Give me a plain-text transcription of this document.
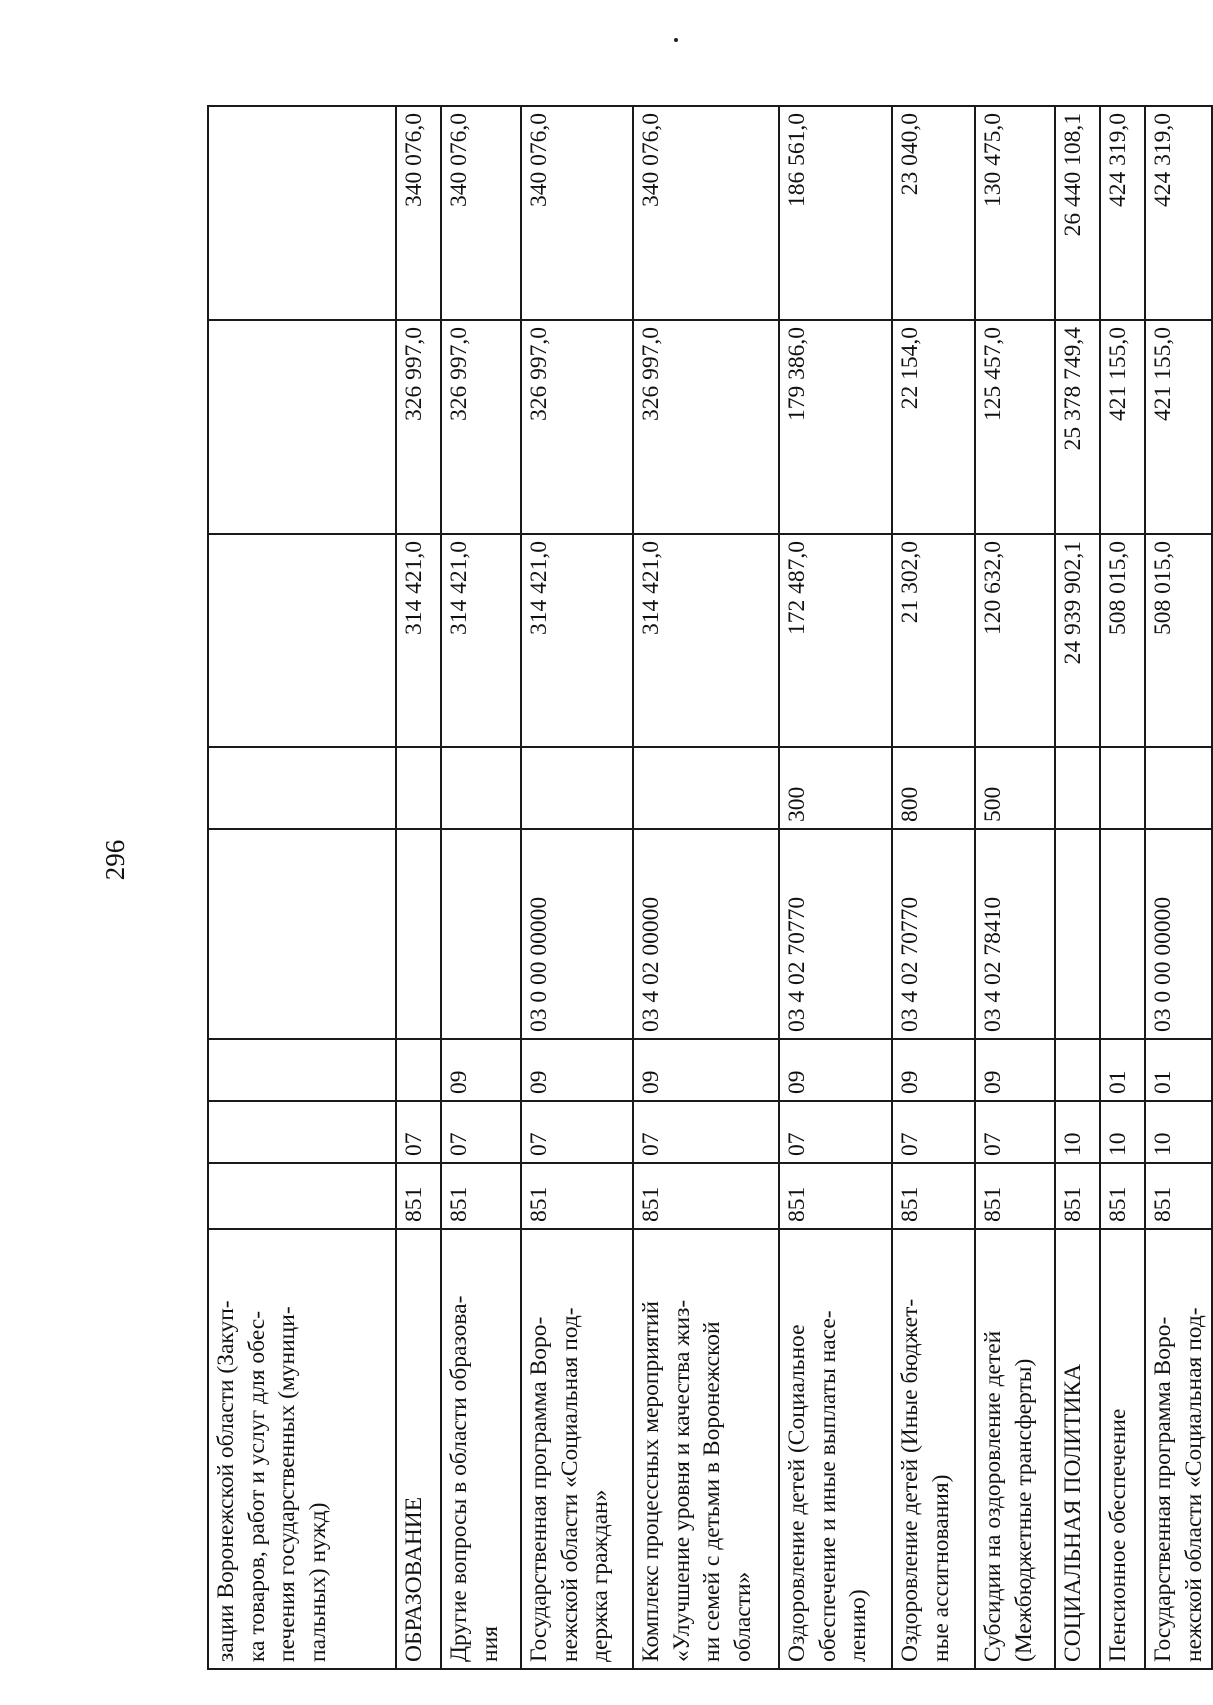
296
зации Воронежской области (Закуп- ка товаров, работ и услуг для обес- печения государственных (муници- пальных) нужд)								

ОБРАЗОВАНИЕ	851	07				314 421,0	326 997,0	340 076,0

Другие вопросы в области образова- ния	851	07	09			314 421,0	326 997,0	340 076,0

Государственная программа Воро- нежской области «Социальная под- держка граждан»	851	07	09	03 0 00 00000		314 421,0	326 997,0	340 076,0

Комплекс процессных мероприятий «Улучшение уровня и качества жиз- ни семей с детьми в Воронежской области»	851	07	09	03 4 02 00000		314 421,0	326 997,0	340 076,0

Оздоровление детей (Социальное обеспечение и иные выплаты насе- лению)	851	07	09	03 4 02 70770	300	172 487,0	179 386,0	186 561,0

Оздоровление детей (Иные бюджет- ные ассигнования)	851	07	09	03 4 02 70770	800	21 302,0	22 154,0	23 040,0

Субсидии на оздоровление детей (Межбюджетные трансферты)	851	07	09	03 4 02 78410	500	120 632,0	125 457,0	130 475,0

СОЦИАЛЬНАЯ ПОЛИТИКА	851	10				24 939 902,1	25 378 749,4	26 440 108,1

Пенсионное обеспечение	851	10	01			508 015,0	421 155,0	424 319,0

Государственная программа Воро- нежской области «Социальная под-	851	10	01	03 0 00 00000		508 015,0	421 155,0	424 319,0
